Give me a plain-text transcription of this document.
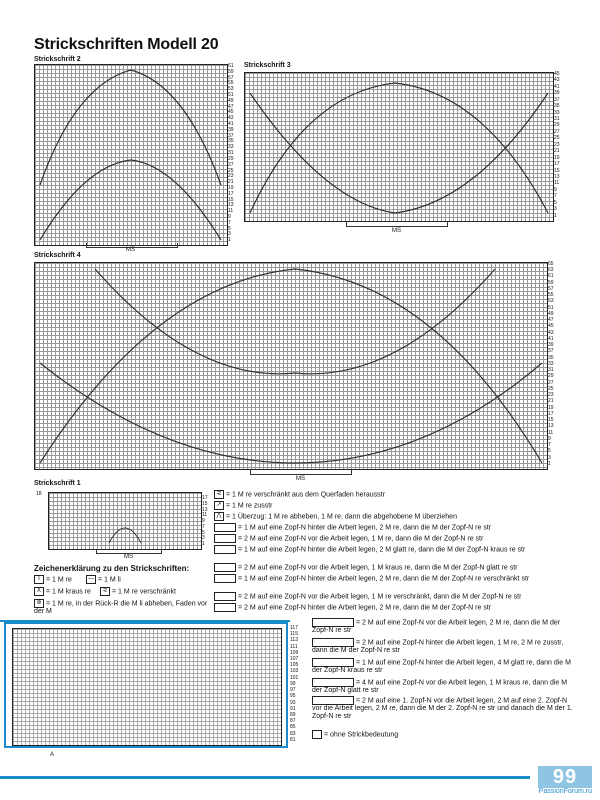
Strickschriften Modell 20
Strickschrift 2
61
59
57
55
53
51
49
47
45
43
41
39
37
35
33
31
29
27
25
23
21
19
17
15
13
11
9
7
5
3
1
MS
Strickschrift 3
45
43
41
39
37
35
33
31
29
27
25
23
21
19
17
15
13
11
9
7
5
3
1
MS
Strickschrift 4
65
63
61
59
57
55
53
51
49
47
45
43
41
39
37
35
33
31
29
27
25
23
21
19
17
15
13
11
9
7
5
3
1
MS
Strickschrift 1
18
17
15
13
11
9
7
5
3
1
MS
⋜ = 1 M re verschränkt aus dem Querfaden herausstr
↗ = 1 M re zusstr
⋀ = 1 Überzug: 1 M re abheben, 1 M re, dann die abgehobene M überziehen
= 1 M auf eine Zopf-N hinter die Arbeit legen, 2 M re, dann die M der Zopf-N re str
= 2 M auf eine Zopf-N vor die Arbeit legen, 1 M re, dann die M der Zopf-N re str
= 1 M auf eine Zopf-N hinter die Arbeit legen, 2 M glatt re, dann die M der Zopf-N kraus re str
= 2 M auf eine Zopf-N vor die Arbeit legen, 1 M kraus re, dann die M der Zopf-N glatt re str
= 1 M auf eine Zopf-N hinter die Arbeit legen, 2 M re, dann die M der Zopf-N re verschränkt str
= 2 M auf eine Zopf-N vor die Arbeit legen, 1 M re verschränkt, dann die M der Zopf-N re str
= 2 M auf eine Zopf-N hinter die Arbeit legen, 2 M re, dann die M der Zopf-N re str
Zeichenerklärung zu den Strickschriften:
I = 1 M re	— = 1 M li
X = 1 M kraus re	⋜ = 1 M re verschränkt
⊛ = 1 M re, in der Rück-R die M li abheben, Faden vor der M
117
115
113
111
109
107
105
103
101
99
97
95
93
91
89
87
85
83
81
A
= 2 M auf eine Zopf-N vor die Arbeit legen, 2 M re, dann die M der Zopf-N re str
= 2 M auf eine Zopf-N hinter die Arbeit legen, 1 M re, 2 M re zusstr, dann die M der Zopf-N re str
= 1 M auf eine Zopf-N hinter die Arbeit legen, 4 M glatt re, dann die M der Zopf-N kraus re str
= 4 M auf eine Zopf-N vor die Arbeit legen, 1 M kraus re, dann die M der Zopf-N glatt re str
= 2 M auf eine 1. Zopf-N vor die Arbeit legen, 2 M auf eine 2. Zopf-N vor die Arbeit legen, 2 M re, dann die M der 2. Zopf-N re str und danach die M der 1. Zopf-N re str
= ohne Strickbedeutung
99
PassionForum.ru
